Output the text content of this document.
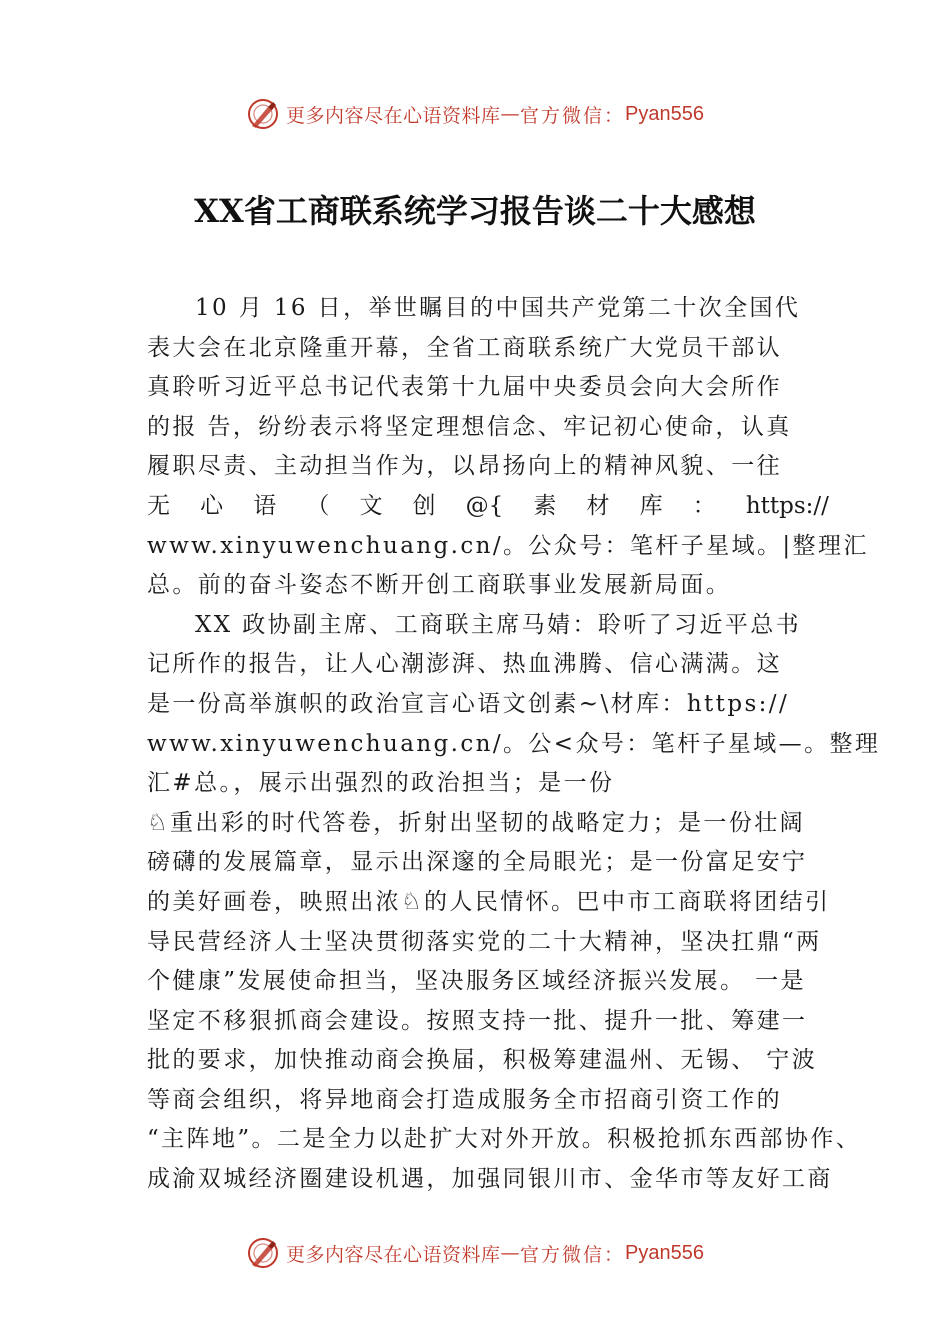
更多内容尽在心语资料库 — 官方微信： Pyan556
XX省工商联系统学习报告谈二十大感想
10 月 16 日，举世瞩目的中国共产党第二十次全国代
表大会在北京隆重开幕，全省工商联系统广大党员干部认
真聆听习近平总书记代表第十九届中央委员会向大会所作
的报 告，纷纷表示将坚定理想信念、牢记初心使命，认真
履职尽责、主动担当作为，以昂扬向上的精神风貌、一往
无 心 语 （ 文 创 @{ 素 材 库 ： https://
www.xinyuwenchuang.cn/。公众号：笔杆子星域。|整理汇
总。前的奋斗姿态不断开创工商联事业发展新局面。
XX 政协副主席、工商联主席马婧：聆听了习近平总书
记所作的报告，让人心潮澎湃、热血沸腾、信心满满。这
是一份高举旗帜的政治宣言心语文创素~\材库：https://
www.xinyuwenchuang.cn/。公<众号：笔杆子星域—。整理
汇#总。，展示出强烈的政治担当；是一份
♘重出彩的时代答卷，折射出坚韧的战略定力；是一份壮阔
磅礴的发展篇章，显示出深邃的全局眼光；是一份富足安宁
的美好画卷，映照出浓♘的人民情怀。巴中市工商联将团结引
导民营经济人士坚决贯彻落实党的二十大精神，坚决扛鼎“两
个健康”发展使命担当，坚决服务区域经济振兴发展。 一是
坚定不移狠抓商会建设。按照支持一批、提升一批、筹建一
批的要求，加快推动商会换届，积极筹建温州、无锡、 宁波
等商会组织，将异地商会打造成服务全市招商引资工作的
“主阵地”。二是全力以赴扩大对外开放。积极抢抓东西部协作、
成渝双城经济圈建设机遇，加强同银川市、金华市等友好工商
更多内容尽在心语资料库 — 官方微信： Pyan556
